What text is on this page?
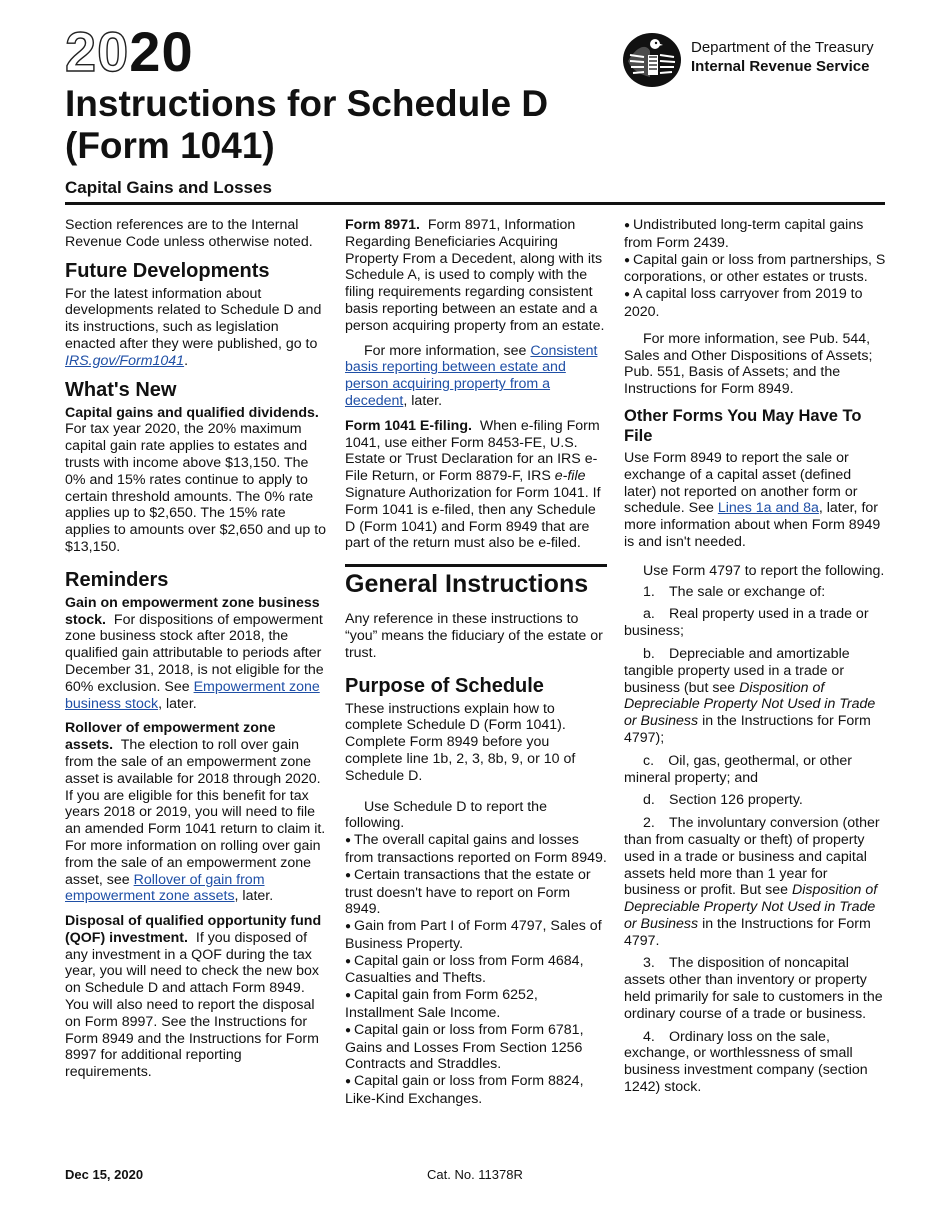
2020
Instructions for Schedule D
(Form 1041)
Department of the Treasury
Internal Revenue Service
Capital Gains and Losses

Section references are to the Internal Revenue Code unless otherwise noted.

Future Developments

For the latest information about developments related to Schedule D and its instructions, such as legislation enacted after they were published, go to IRS.gov/Form1041.

What's New

Capital gains and qualified dividends.  For tax year 2020, the 20% maximum capital gain rate applies to estates and trusts with income above $13,150. The 0% and 15% rates continue to apply to certain threshold amounts. The 0% rate applies up to $2,650. The 15% rate applies to amounts over $2,650 and up to $13,150.

Reminders

Gain on empowerment zone business stock. For dispositions of empowerment zone business stock after 2018, the qualified gain attributable to periods after December 31, 2018, is not eligible for the 60% exclusion. See Empowerment zone business stock, later.

Rollover of empowerment zone assets. The election to roll over gain from the sale of an empowerment zone asset is available for 2018 through 2020. If you are eligible for this benefit for tax years 2018 or 2019, you will need to file an amended Form 1041 return to claim it. For more information on rolling over gain from the sale of an empowerment zone asset, see Rollover of gain from empowerment zone assets, later.

Disposal of qualified opportunity fund (QOF) investment. If you disposed of any investment in a QOF during the tax year, you will need to check the new box on Schedule D and attach Form 8949. You will also need to report the disposal on Form 8997. See the Instructions for Form 8949 and the Instructions for Form 8997 for additional reporting requirements.

Form 8971. Form 8971, Information Regarding Beneficiaries Acquiring Property From a Decedent, along with its Schedule A, is used to comply with the filing requirements regarding consistent basis reporting between an estate and a person acquiring property from an estate.

For more information, see Consistent basis reporting between estate and person acquiring property from a decedent, later.

Form 1041 E-filing. When e-filing Form 1041, use either Form 8453-FE, U.S. Estate or Trust Declaration for an IRS e-File Return, or Form 8879-F, IRS e-file Signature Authorization for Form 1041. If Form 1041 is e-filed, then any Schedule D (Form 1041) and Form 8949 that are part of the return must also be e-filed.

General Instructions

Any reference in these instructions to “you” means the fiduciary of the estate or trust.

Purpose of Schedule

These instructions explain how to complete Schedule D (Form 1041). Complete Form 8949 before you complete line 1b, 2, 3, 8b, 9, or 10 of Schedule D.

Use Schedule D to report the following.

● The overall capital gains and losses from transactions reported on Form 8949.
● Certain transactions that the estate or trust doesn't have to report on Form 8949.
● Gain from Part I of Form 4797, Sales of Business Property.
● Capital gain or loss from Form 4684, Casualties and Thefts.
● Capital gain from Form 6252, Installment Sale Income.
● Capital gain or loss from Form 6781, Gains and Losses From Section 1256 Contracts and Straddles.
● Capital gain or loss from Form 8824, Like-Kind Exchanges.
● Undistributed long-term capital gains from Form 2439.
● Capital gain or loss from partnerships, S corporations, or other estates or trusts.
● A capital loss carryover from 2019 to 2020.

For more information, see Pub. 544, Sales and Other Dispositions of Assets; Pub. 551, Basis of Assets; and the Instructions for Form 8949.

Other Forms You May Have To File

Use Form 8949 to report the sale or exchange of a capital asset (defined later) not reported on another form or schedule. See Lines 1a and 8a, later, for more information about when Form 8949 is and isn't needed.

Use Form 4797 to report the following.

1. The sale or exchange of:

a. Real property used in a trade or business;

b. Depreciable and amortizable tangible property used in a trade or business (but see Disposition of Depreciable Property Not Used in Trade or Business in the Instructions for Form 4797);

c. Oil, gas, geothermal, or other mineral property; and

d. Section 126 property.

2. The involuntary conversion (other than from casualty or theft) of property used in a trade or business and capital assets held more than 1 year for business or profit. But see Disposition of Depreciable Property Not Used in Trade or Business in the Instructions for Form 4797.

3. The disposition of noncapital assets other than inventory or property held primarily for sale to customers in the ordinary course of a trade or business.

4. Ordinary loss on the sale, exchange, or worthlessness of small business investment company (section 1242) stock.

Dec 15, 2020	Cat. No. 11378R
